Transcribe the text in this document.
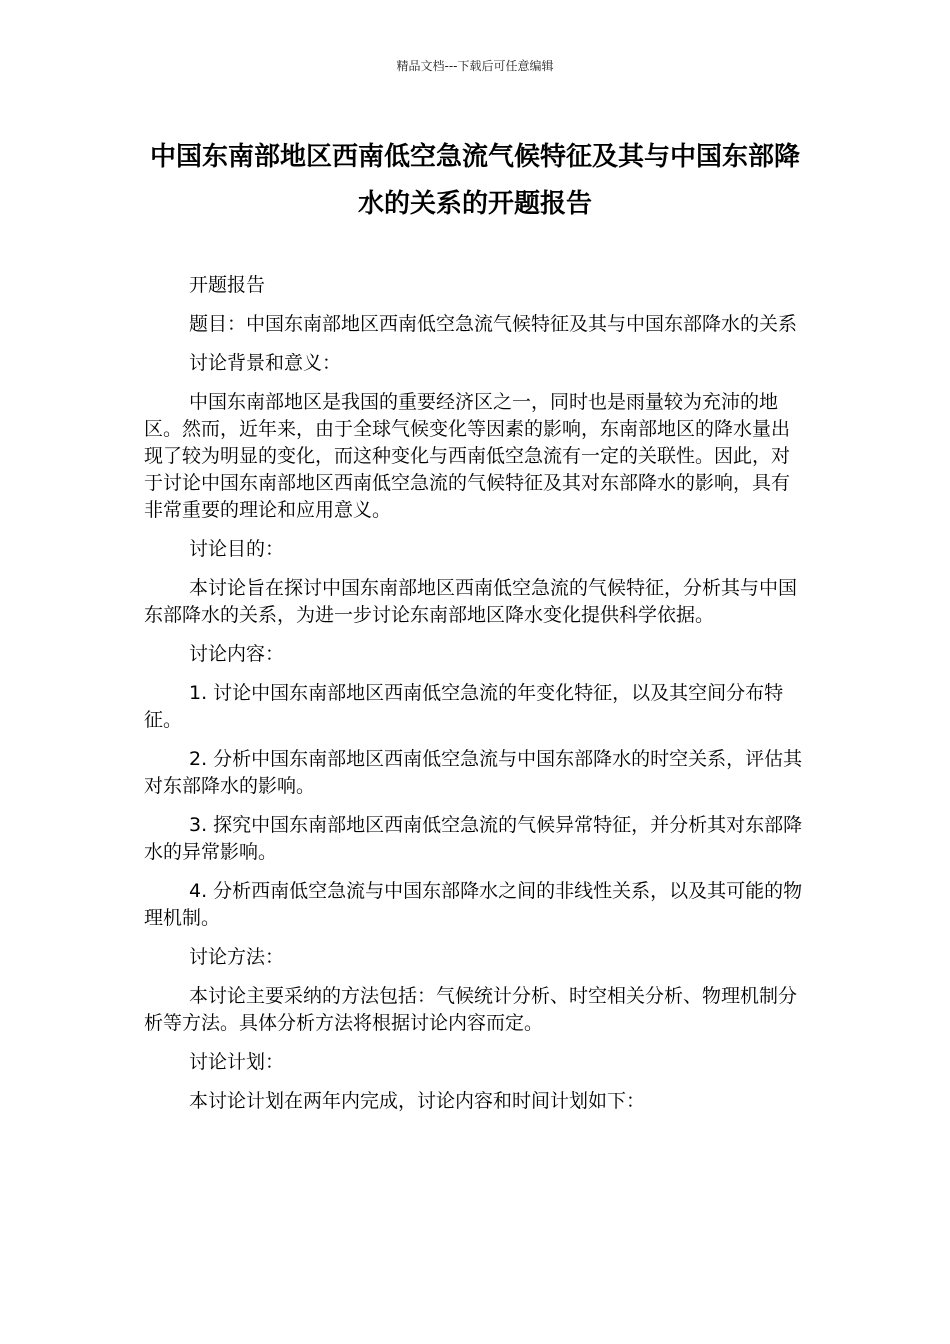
精品文档---下载后可任意编辑
中国东南部地区西南低空急流气候特征及其与中国东部降水的关系的开题报告

开题报告

题目：中国东南部地区西南低空急流气候特征及其与中国东部降水的关系

讨论背景和意义：

中国东南部地区是我国的重要经济区之一，同时也是雨量较为充沛的地区。然而，近年来，由于全球气候变化等因素的影响，东南部地区的降水量出现了较为明显的变化，而这种变化与西南低空急流有一定的关联性。因此，对于讨论中国东南部地区西南低空急流的气候特征及其对东部降水的影响，具有非常重要的理论和应用意义。

讨论目的：

本讨论旨在探讨中国东南部地区西南低空急流的气候特征，分析其与中国东部降水的关系，为进一步讨论东南部地区降水变化提供科学依据。

讨论内容：

1. 讨论中国东南部地区西南低空急流的年变化特征，以及其空间分布特征。

2. 分析中国东南部地区西南低空急流与中国东部降水的时空关系，评估其对东部降水的影响。

3. 探究中国东南部地区西南低空急流的气候异常特征，并分析其对东部降水的异常影响。

4. 分析西南低空急流与中国东部降水之间的非线性关系，以及其可能的物理机制。

讨论方法：

本讨论主要采纳的方法包括：气候统计分析、时空相关分析、物理机制分析等方法。具体分析方法将根据讨论内容而定。

讨论计划：

本讨论计划在两年内完成，讨论内容和时间计划如下：
